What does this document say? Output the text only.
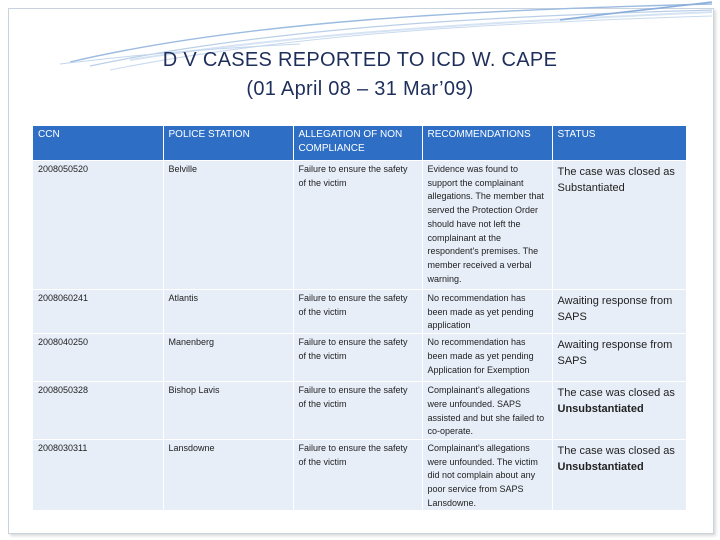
D V CASES REPORTED TO ICD W. CAPE
(01 April 08 – 31 Mar’09)
CCN	POLICE STATION	ALLEGATION OF NON COMPLIANCE	RECOMMENDATIONS	STATUS
2008050520	Belville	Failure to ensure the safety of the victim	Evidence was found to support the complainant allegations. The member that served the Protection Order should have not left the complainant at the respondent's premises. The member received a verbal warning.	The case was closed as Substantiated
2008060241	Atlantis	Failure to ensure the safety of the victim	No recommendation has been made as yet pending application	Awaiting response from SAPS
2008040250	Manenberg	Failure to ensure the safety of the victim	No recommendation has been made as yet pending Application for Exemption	Awaiting response from SAPS
2008050328	Bishop Lavis	Failure to ensure the safety of the victim	Complainant's allegations were unfounded. SAPS assisted and but she failed to co-operate.	The case was closed as Unsubstantiated
2008030311	Lansdowne	Failure to ensure the safety of the victim	Complainant's allegations were unfounded. The victim did not complain about any poor service from SAPS Lansdowne.	The case was closed as Unsubstantiated
